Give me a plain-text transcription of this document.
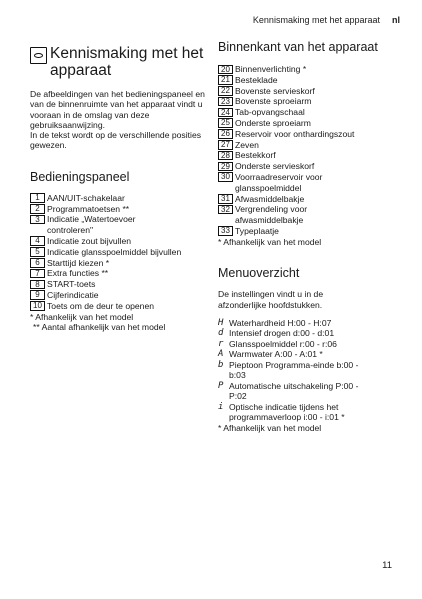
Kennismaking met het apparaat nl
Kennismaking met het apparaat

De afbeeldingen van het bedieningspaneel en
van de binnenruimte van het apparaat vindt u vooraan in de omslag van deze gebruiksaanwijzing.

In de tekst wordt op de verschillende posities gewezen.

Bedieningspaneel
1 AAN/UIT-schakelaar
2 Programmatoetsen **
3 Indicatie „Watertoevoer
controleren"
4 Indicatie zout bijvullen
5 Indicatie glansspoelmiddel bijvullen
6 Starttijd kiezen *
7 Extra functies **
8 START-toets
9 Cijferindicatie
10 Toets om de deur te openen
* Afhankelijk van het model
** Aantal afhankelijk van het model
Binnenkant van het apparaat
20 Binnenverlichting *
21 Besteklade
22 Bovenste servieskorf
23 Bovenste sproeiarm
24 Tab-opvangschaal
25 Onderste sproeiarm
26 Reservoir voor onthardingszout
27 Zeven
28 Bestekkorf
29 Onderste servieskorf
30 Voorraadreservoir voor
glansspoelmiddel
31 Afwasmiddelbakje
32 Vergrendeling voor
afwasmiddelbakje
33 Typeplaatje
* Afhankelijk van het model
Menuoverzicht

De instellingen vindt u in de
afzonderlijke hoofdstukken.

H Waterhardheid H:00 - H:07
d Intensief drogen d:00 - d:01
r Glansspoelmiddel r:00 - r:06
A Warmwater A:00 - A:01 *
b Pieptoon Programma-einde b:00 -
b:03
P Automatische uitschakeling P:00 -
P:02
i Optische indicatie tijdens het
programmaverloop i:00 - i:01 *
* Afhankelijk van het model
11
